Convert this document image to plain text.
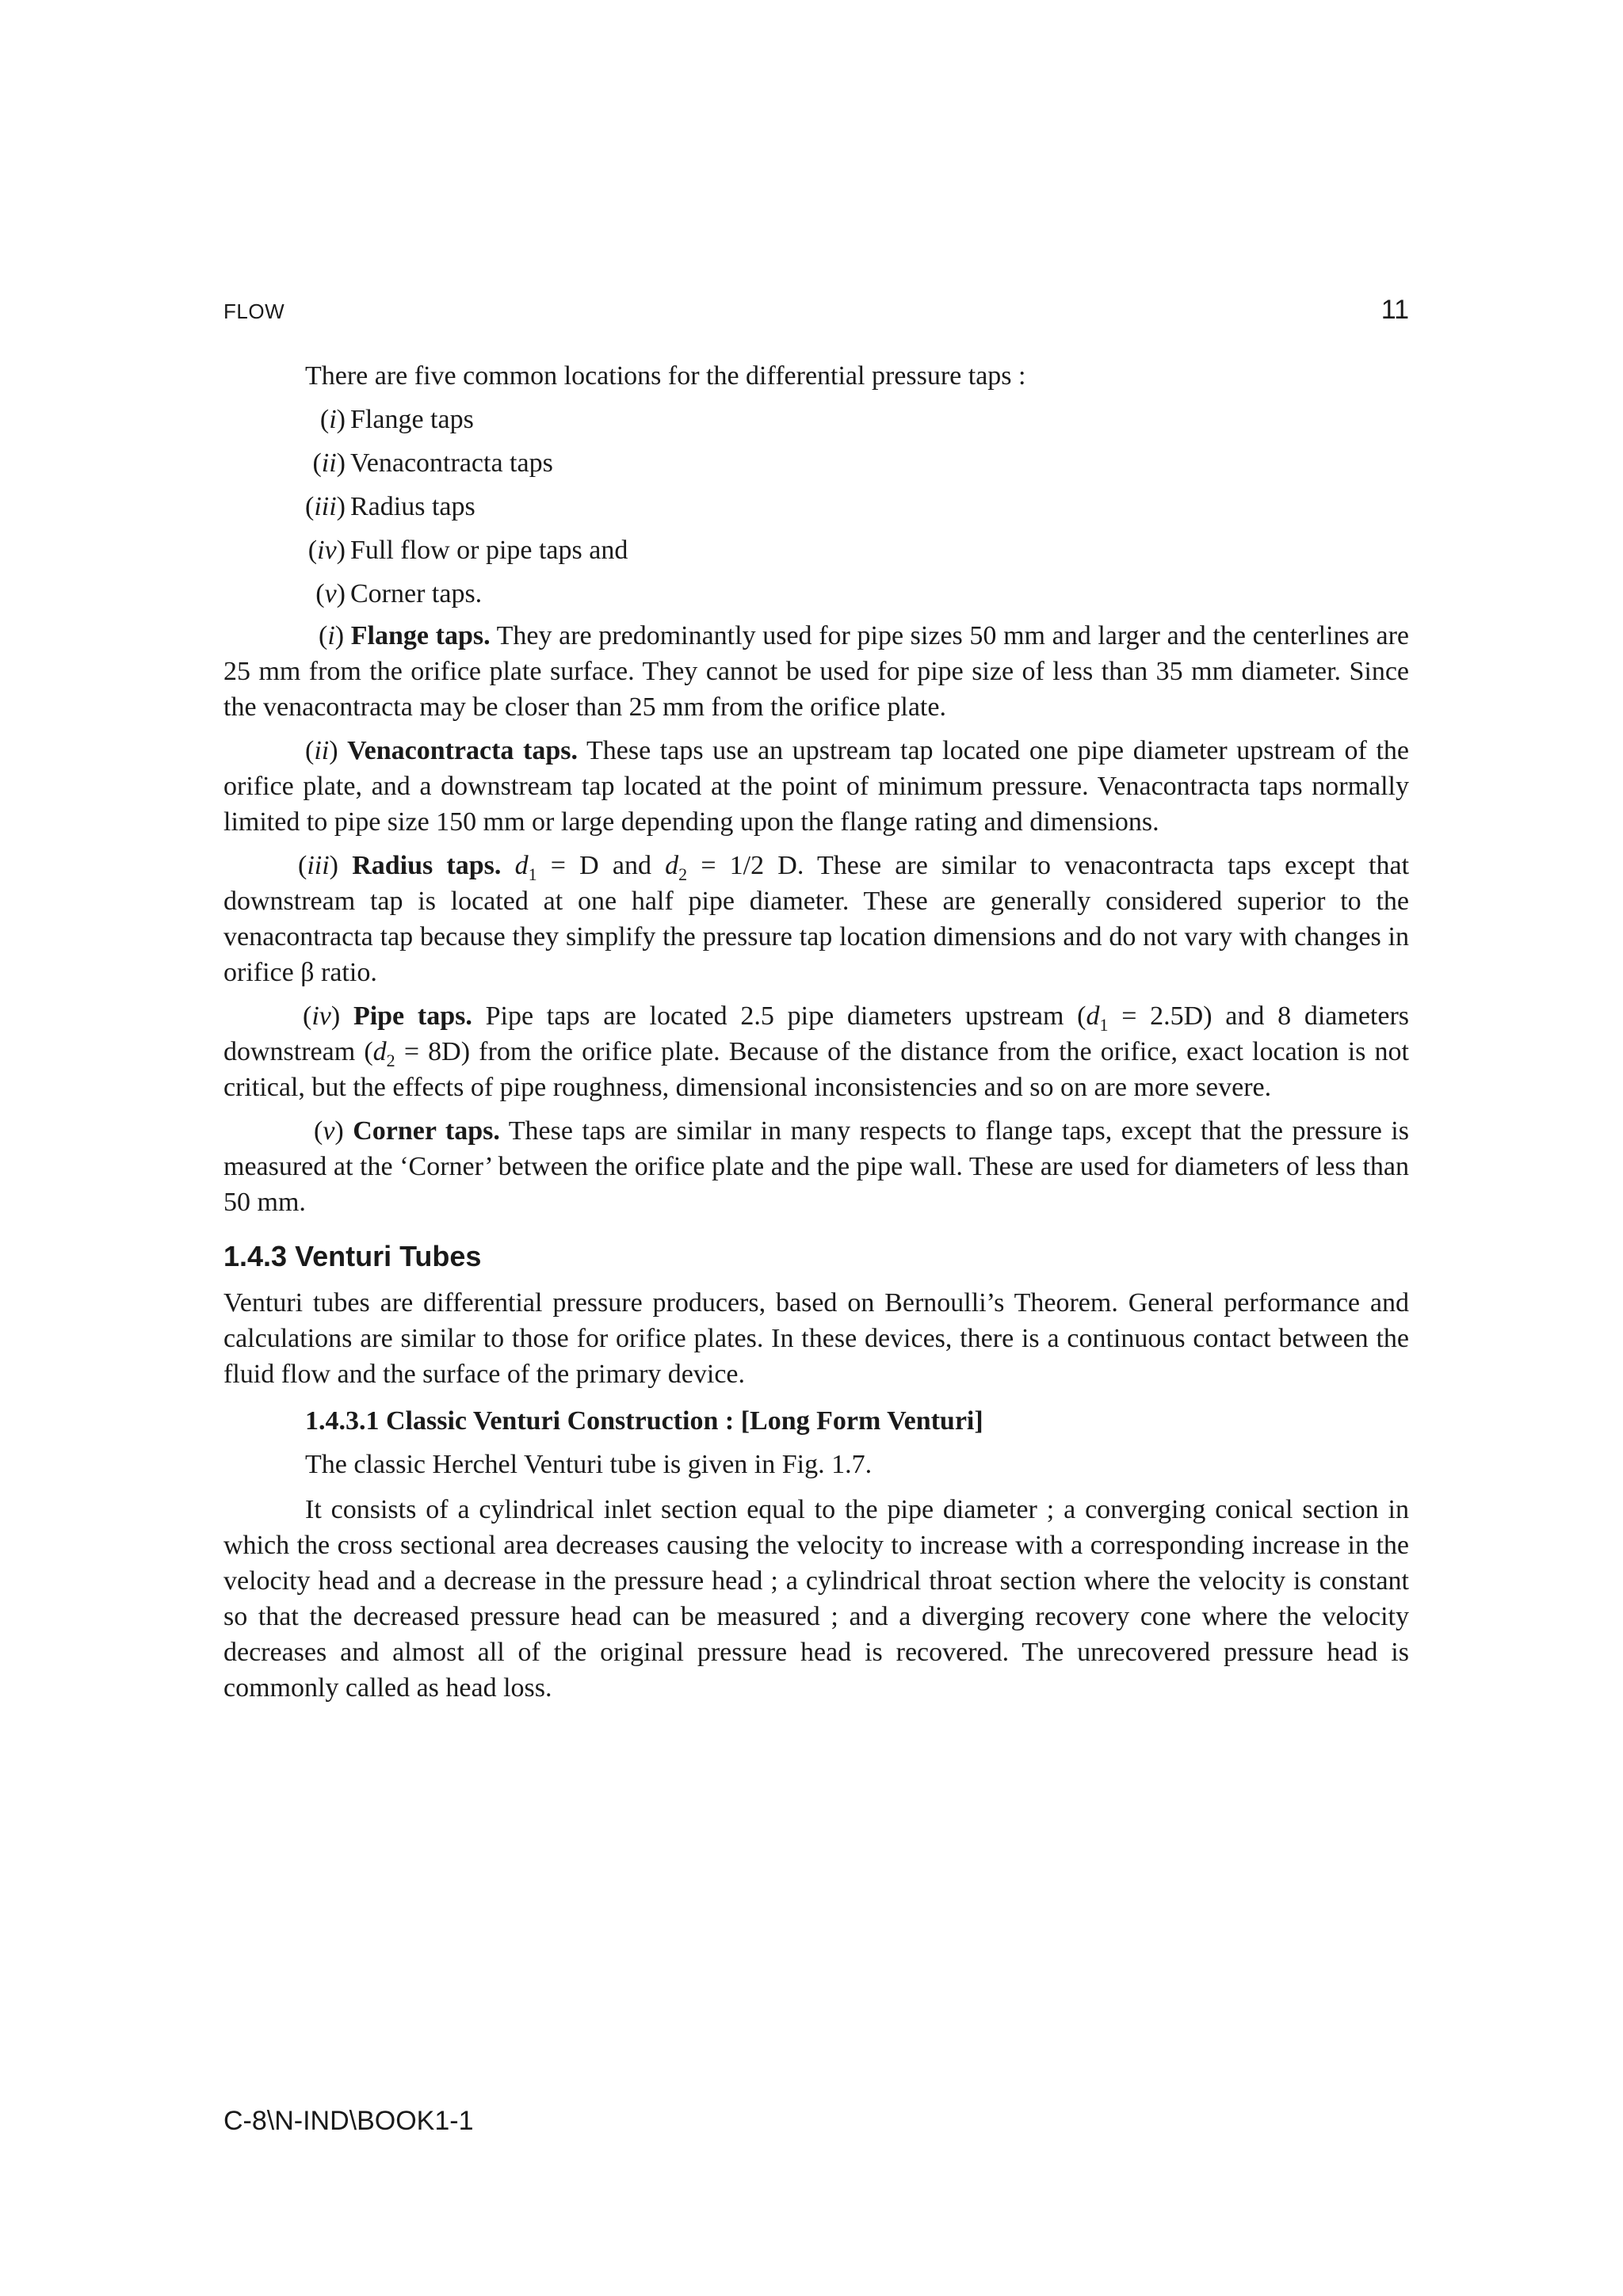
FLOW	11

There are five common locations for the differential pressure taps :

(i) Flange taps
(ii) Venacontracta taps
(iii) Radius taps
(iv) Full flow or pipe taps and
(v) Corner taps.

(i) Flange taps. They are predominantly used for pipe sizes 50 mm and larger and the centerlines are 25 mm from the orifice plate surface. They cannot be used for pipe size of less than 35 mm diameter. Since the venacontracta may be closer than 25 mm from the orifice plate.

(ii) Venacontracta taps. These taps use an upstream tap located one pipe diameter upstream of the orifice plate, and a downstream tap located at the point of minimum pressure. Venacontracta taps normally limited to pipe size 150 mm or large depending upon the flange rating and dimensions.

(iii) Radius taps. $d_1 = D$ and $d_2 = 1/2$ D. These are similar to venacontracta taps except that downstream tap is located at one half pipe diameter. These are generally considered superior to the venacontracta tap because they simplify the pressure tap location dimensions and do not vary with changes in orifice β ratio.

(iv) Pipe taps. Pipe taps are located 2.5 pipe diameters upstream $(d_1 = 2.5D)$ and 8 diameters downstream $(d_2 = 8D)$ from the orifice plate. Because of the distance from the orifice, exact location is not critical, but the effects of pipe roughness, dimensional inconsistencies and so on are more severe.

(v) Corner taps. These taps are similar in many respects to flange taps, except that the pressure is measured at the ‘Corner’ between the orifice plate and the pipe wall. These are used for diameters of less than 50 mm.

1.4.3 Venturi Tubes

Venturi tubes are differential pressure producers, based on Bernoulli’s Theorem. General performance and calculations are similar to those for orifice plates. In these devices, there is a continuous contact between the fluid flow and the surface of the primary device.

1.4.3.1 Classic Venturi Construction : [Long Form Venturi]

The classic Herchel Venturi tube is given in Fig. 1.7.

It consists of a cylindrical inlet section equal to the pipe diameter ; a converging conical section in which the cross sectional area decreases causing the velocity to increase with a corresponding increase in the velocity head and a decrease in the pressure head ; a cylindrical throat section where the velocity is constant so that the decreased pressure head can be measured ; and a diverging recovery cone where the velocity decreases and almost all of the original pressure head is recovered. The unrecovered pressure head is commonly called as head loss.

C-8\N-IND\BOOK1-1
